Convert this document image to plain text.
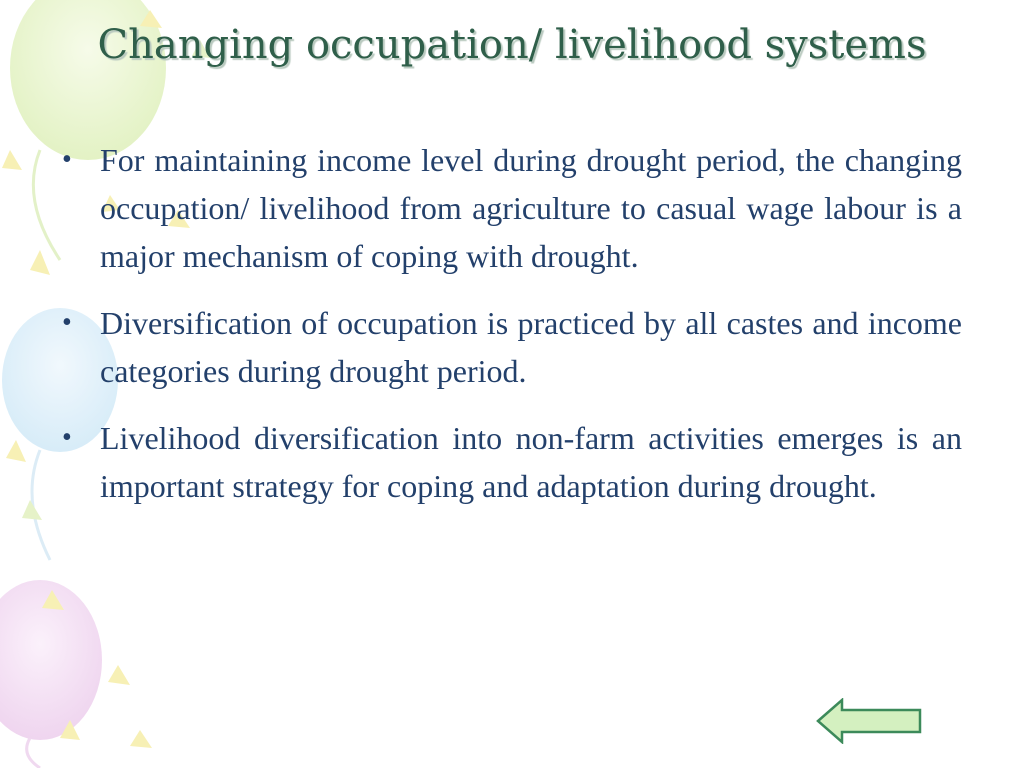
Changing occupation/ livelihood systems
• For maintaining income level during drought period, the changing occupation/ livelihood from agriculture to casual wage labour is a major mechanism of coping with drought.
• Diversification of occupation is practiced by all castes and income categories during drought period.
• Livelihood diversification into non-farm activities emerges is an important strategy for coping and adaptation during drought.
